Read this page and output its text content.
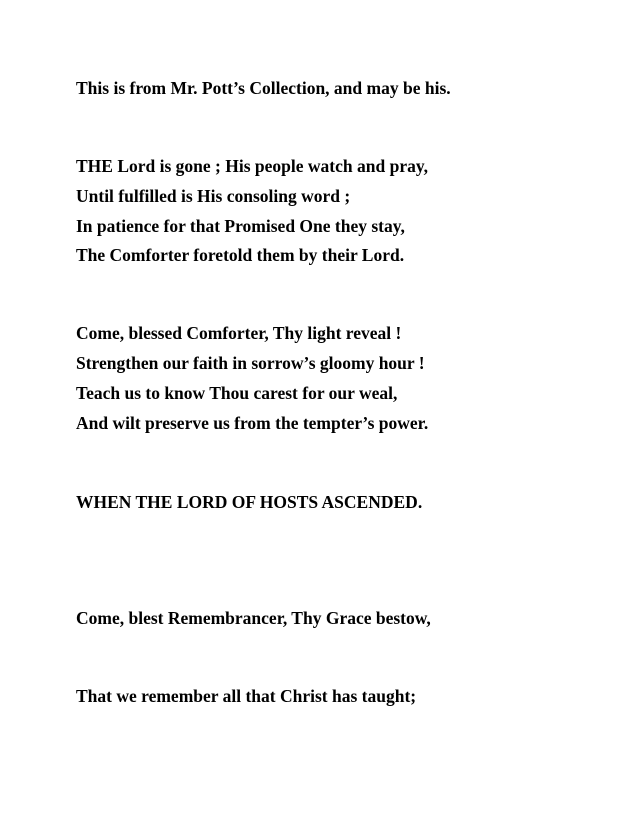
This is from Mr. Pott’s Collection, and may be his.
THE Lord is gone ; His people watch and pray,
Until fulfilled is His consoling word ;
In patience for that Promised One they stay,
The Comforter foretold them by their Lord.
Come, blessed Comforter, Thy light reveal !
Strengthen our faith in sorrow’s gloomy hour !
Teach us to know Thou carest for our weal,
And wilt preserve us from the tempter’s power.
WHEN THE LORD OF HOSTS ASCENDED.
Come, blest Remembrancer, Thy Grace bestow,
That we remember all that Christ has taught;
